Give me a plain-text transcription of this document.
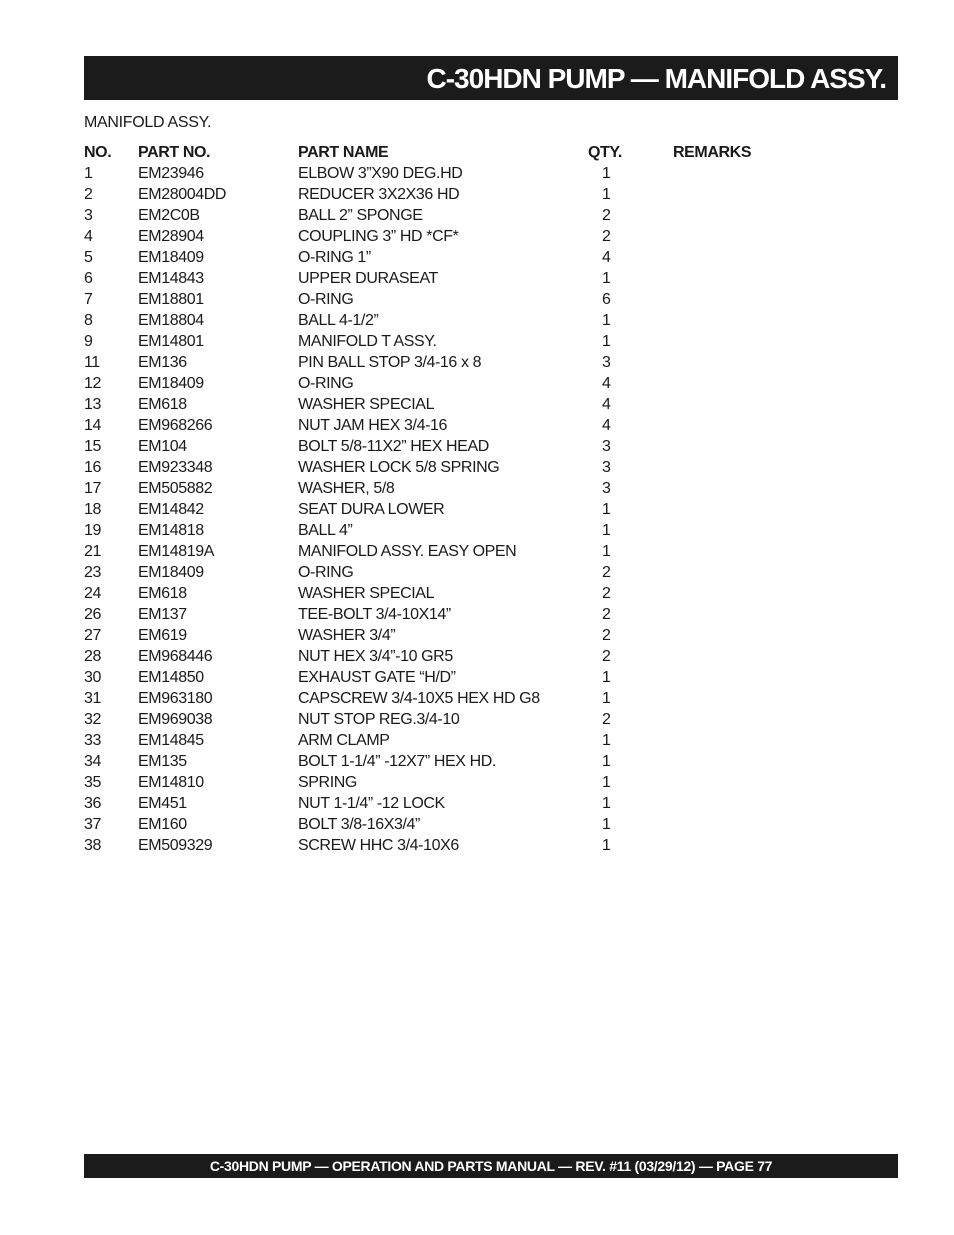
C-30HDN PUMP — MANIFOLD ASSY.
MANIFOLD ASSY.
NO. PART NO.	PART NAME	QTY.	REMARKS
1	EM23946	ELBOW 3”X90 DEG.HD	1
2	EM28004DD	REDUCER 3X2X36 HD	1
3	EM2C0B	BALL 2” SPONGE	2
4	EM28904	COUPLING 3” HD *CF*	2
5	EM18409	O-RING 1”	4
6	EM14843	UPPER DURASEAT	1
7	EM18801	O-RING	6
8	EM18804	BALL 4-1/2”	1
9	EM14801	MANIFOLD T ASSY.	1
11 EM136	PIN BALL STOP 3/4-16 x 8	3
12 EM18409	O-RING	4
13 EM618	WASHER SPECIAL	4
14 EM968266	NUT JAM HEX 3/4-16	4
15 EM104	BOLT 5/8-11X2” HEX HEAD	3
16 EM923348	WASHER LOCK 5/8 SPRING	3
17 EM505882	WASHER, 5/8	3
18 EM14842	SEAT DURA LOWER	1
19 EM14818	BALL 4”	1
21 EM14819A	MANIFOLD ASSY. EASY OPEN	1
23 EM18409	O-RING	2
24 EM618	WASHER SPECIAL	2
26 EM137	TEE-BOLT 3/4-10X14”	2
27 EM619	WASHER 3/4”	2
28 EM968446	NUT HEX 3/4”-10 GR5	2
30 EM14850	EXHAUST GATE “H/D”	1
31 EM963180	CAPSCREW 3/4-10X5 HEX HD G8	1
32 EM969038	NUT STOP REG.3/4-10	2
33 EM14845	ARM CLAMP	1
34 EM135	BOLT 1-1/4” -12X7” HEX HD.	1
35 EM14810	SPRING	1
36 EM451	NUT 1-1/4” -12 LOCK	1
37 EM160	BOLT 3/8-16X3/4”	1
38 EM509329	SCREW HHC 3/4-10X6	1
C-30HDN PUMP — OPERATION AND PARTS MANUAL — REV. #11 (03/29/12) — PAGE 77
